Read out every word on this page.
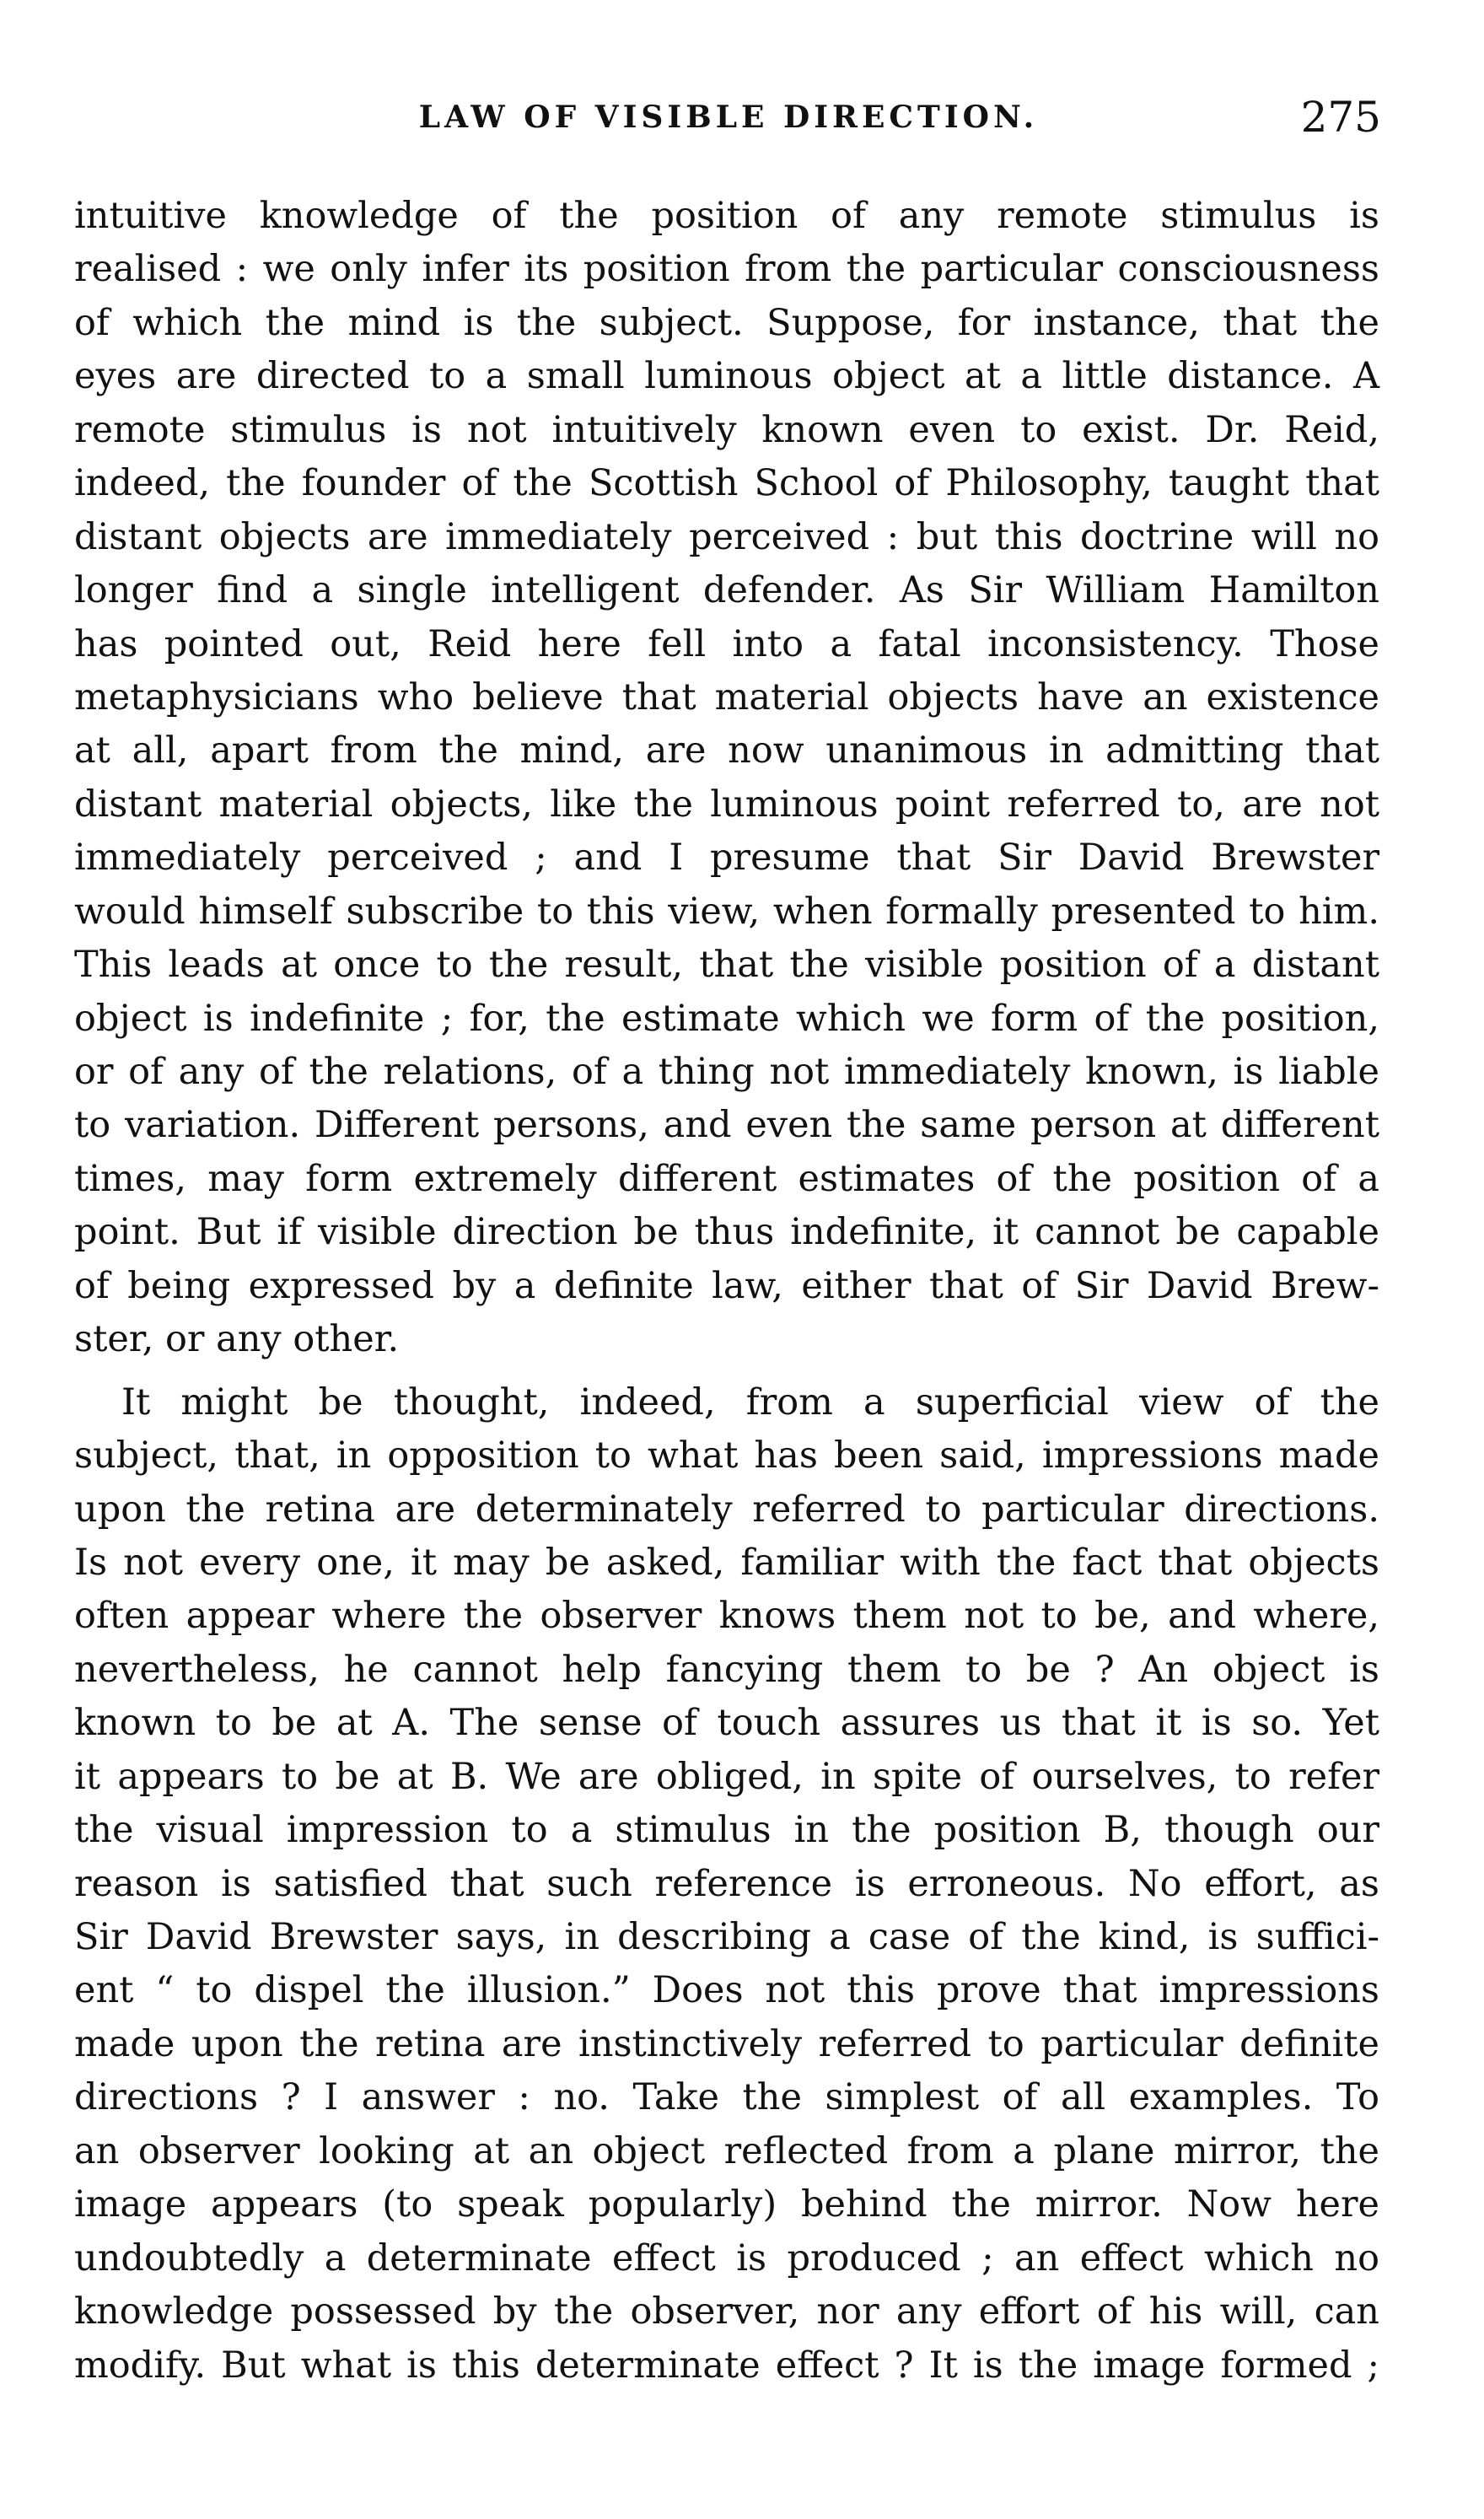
LAW OF VISIBLE DIRECTION.	275
intuitive knowledge of the position of any remote stimulus is
realised : we only infer its position from the particular consciousness
of which the mind is the subject. Suppose, for instance, that the
eyes are directed to a small luminous object at a little distance. A
remote stimulus is not intuitively known even to exist. Dr. Reid,
indeed, the founder of the Scottish School of Philosophy, taught that
distant objects are immediately perceived : but this doctrine will no
longer find a single intelligent defender. As Sir William Hamilton
has pointed out, Reid here fell into a fatal inconsistency. Those
metaphysicians who believe that material objects have an existence
at all, apart from the mind, are now unanimous in admitting that
distant material objects, like the luminous point referred to, are not
immediately perceived ; and I presume that Sir David Brewster
would himself subscribe to this view, when formally presented to him.
This leads at once to the result, that the visible position of a distant
object is indefinite ; for, the estimate which we form of the position,
or of any of the relations, of a thing not immediately known, is liable
to variation. Different persons, and even the same person at different
times, may form extremely different estimates of the position of a
point. But if visible direction be thus indefinite, it cannot be capable
of being expressed by a definite law, either that of Sir David Brew-
ster, or any other.
It might be thought, indeed, from a superficial view of the
subject, that, in opposition to what has been said, impressions made
upon the retina are determinately referred to particular directions.
Is not every one, it may be asked, familiar with the fact that objects
often appear where the observer knows them not to be, and where,
nevertheless, he cannot help fancying them to be ? An object is
known to be at A. The sense of touch assures us that it is so. Yet
it appears to be at B. We are obliged, in spite of ourselves, to refer
the visual impression to a stimulus in the position B, though our
reason is satisfied that such reference is erroneous. No effort, as
Sir David Brewster says, in describing a case of the kind, is suffici-
ent “ to dispel the illusion.” Does not this prove that impressions
made upon the retina are instinctively referred to particular definite
directions ? I answer : no. Take the simplest of all examples. To
an observer looking at an object reflected from a plane mirror, the
image appears (to speak popularly) behind the mirror. Now here
undoubtedly a determinate effect is produced ; an effect which no
knowledge possessed by the observer, nor any effort of his will, can
modify. But what is this determinate effect ? It is the image formed ;
